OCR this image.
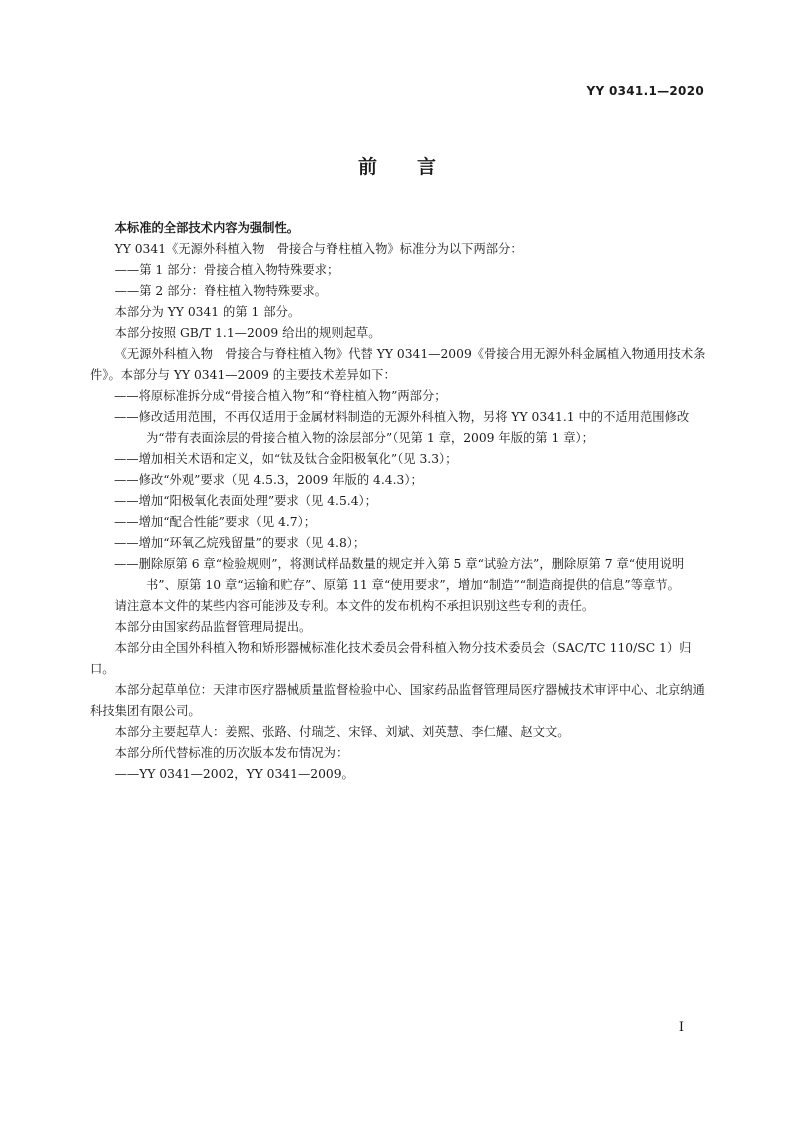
YY 0341.1—2020
前言

本标准的全部技术内容为强制性。

YY 0341《无源外科植入物　骨接合与脊柱植入物》标准分为以下两部分：

——第 1 部分：骨接合植入物特殊要求；

——第 2 部分：脊柱植入物特殊要求。

本部分为 YY 0341 的第 1 部分。

本部分按照 GB/T 1.1—2009 给出的规则起草。

《无源外科植入物　骨接合与脊柱植入物》代替 YY 0341—2009《骨接合用无源外科金属植入物通用技术条件》。本部分与 YY 0341—2009 的主要技术差异如下：

——将原标准拆分成“骨接合植入物”和“脊柱植入物”两部分；

——修改适用范围，不再仅适用于金属材料制造的无源外科植入物，另将 YY 0341.1 中的不适用范围修改为“带有表面涂层的骨接合植入物的涂层部分”（见第 1 章，2009 年版的第 1 章）；

——增加相关术语和定义，如“钛及钛合金阳极氧化”（见 3.3）；

——修改“外观”要求（见 4.5.3，2009 年版的 4.4.3）；

——增加“阳极氧化表面处理”要求（见 4.5.4）；

——增加“配合性能”要求（见 4.7）；

——增加“环氧乙烷残留量”的要求（见 4.8）；

——删除原第 6 章“检验规则”，将测试样品数量的规定并入第 5 章“试验方法”，删除原第 7 章“使用说明书”、原第 10 章“运输和贮存”、原第 11 章“使用要求”，增加“制造”“制造商提供的信息”等章节。

请注意本文件的某些内容可能涉及专利。本文件的发布机构不承担识别这些专利的责任。

本部分由国家药品监督管理局提出。

本部分由全国外科植入物和矫形器械标准化技术委员会骨科植入物分技术委员会（SAC/TC 110/SC 1）归口。

本部分起草单位：天津市医疗器械质量监督检验中心、国家药品监督管理局医疗器械技术审评中心、北京纳通科技集团有限公司。

本部分主要起草人：姜熙、张路、付瑞芝、宋铎、刘斌、刘英慧、李仁耀、赵文文。

本部分所代替标准的历次版本发布情况为：

——YY 0341—2002，YY 0341—2009。

I
